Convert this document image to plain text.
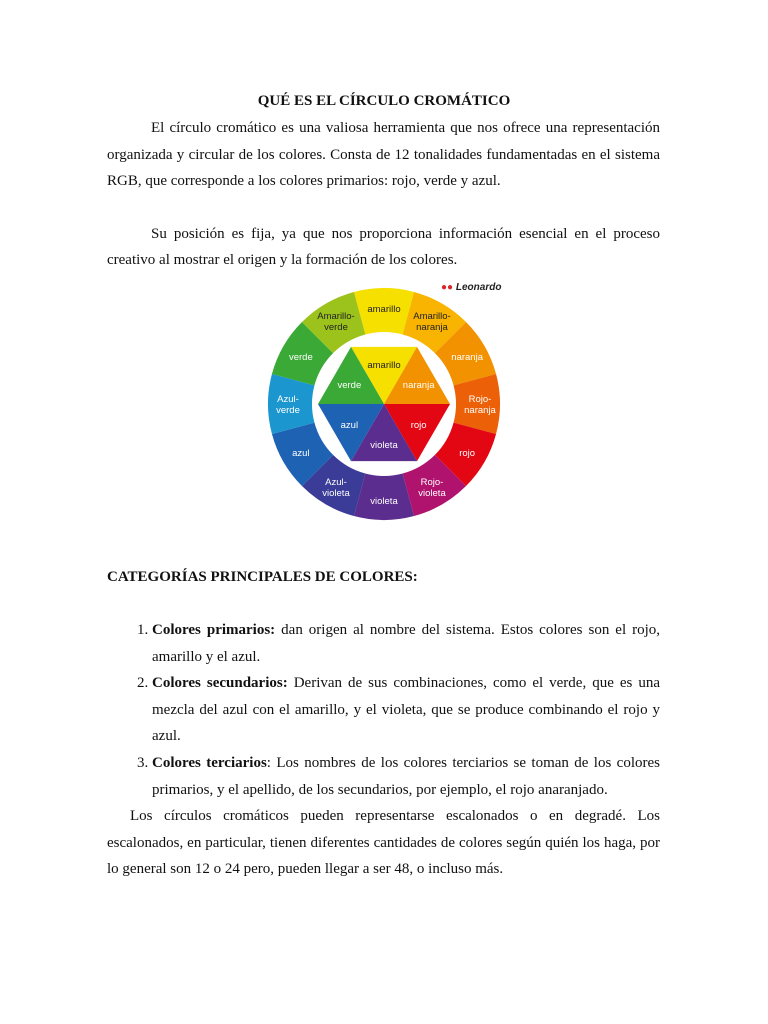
QUÉ ES EL CÍRCULO CROMÁTICO

El círculo cromático es una valiosa herramienta que nos ofrece una representación organizada y circular de los colores. Consta de 12 tonalidades fundamentadas en el sistema RGB, que corresponde a los colores primarios: rojo, verde y azul.

Su posición es fija, ya que nos proporciona información esencial en el proceso creativo al mostrar el origen y la formación de los colores.

amarillo
Amarillo-naranja
naranja
Rojo-naranja
rojo
Rojo-violeta
violeta
Azul-violeta
azul
Azul-verde
verde
Amarillo-verde
amarillo
naranja
rojo
violeta
azul
verde
●● Leonardo
CATEGORÍAS PRINCIPALES DE COLORES:
1. Colores primarios: dan origen al nombre del sistema. Estos colores son el rojo, amarillo y el azul.
2. Colores secundarios: Derivan de sus combinaciones, como el verde, que es una mezcla del azul con el amarillo, y el violeta, que se produce combinando el rojo y azul.
3. Colores terciarios: Los nombres de los colores terciarios se toman de los colores primarios, y el apellido, de los secundarios, por ejemplo, el rojo anaranjado.

Los círculos cromáticos pueden representarse escalonados o en degradé. Los escalonados, en particular, tienen diferentes cantidades de colores según quién los haga, por lo general son 12 o 24 pero, pueden llegar a ser 48, o incluso más.
